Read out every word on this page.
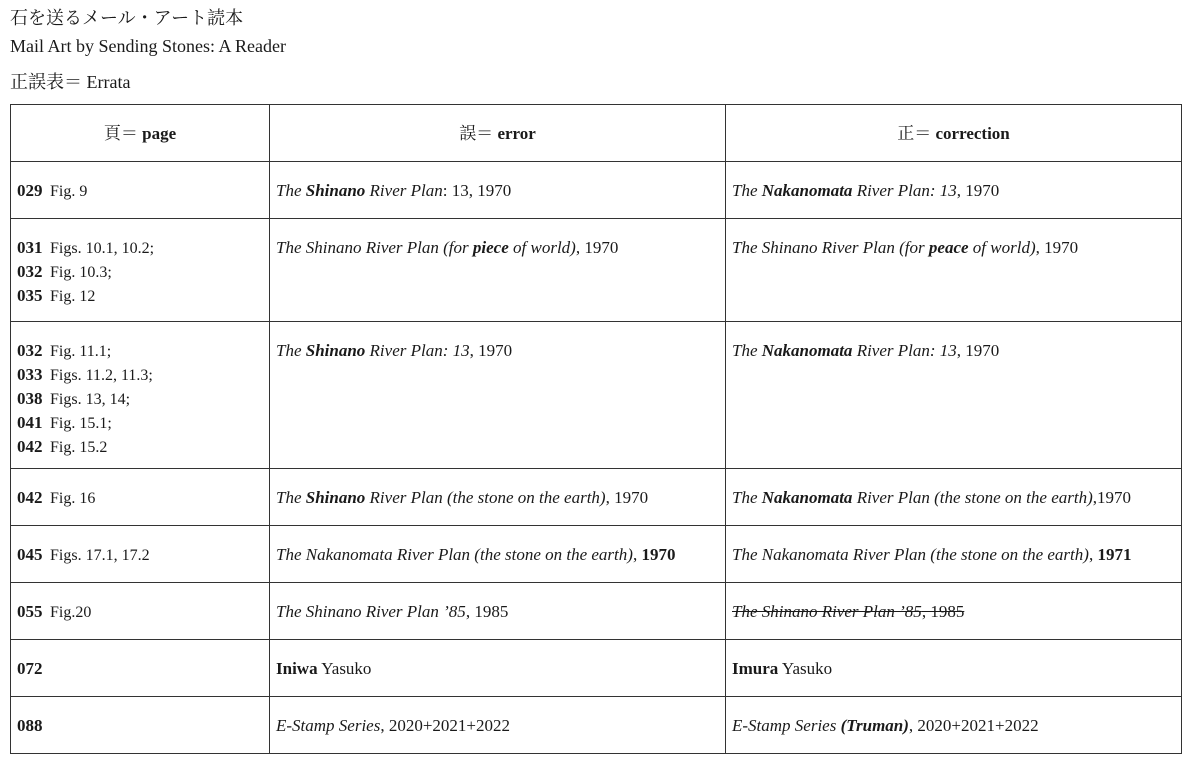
石を送るメール・アート読本
Mail Art by Sending Stones: A Reader
正誤表＝ Errata
頁＝ page	誤＝ error	正＝ correction

029 Fig. 9	The Shinano River Plan: 13, 1970	The Nakanomata River Plan: 13, 1970

031 Figs. 10.1, 10.2;
032 Fig. 10.3;
035 Fig. 12	The Shinano River Plan (for piece of world), 1970	The Shinano River Plan (for peace of world), 1970

032 Fig. 11.1;
033 Figs. 11.2, 11.3;
038 Figs. 13, 14;
041 Fig. 15.1;
042 Fig. 15.2	The Shinano River Plan: 13, 1970	The Nakanomata River Plan: 13, 1970

042 Fig. 16	The Shinano River Plan (the stone on the earth), 1970	The Nakanomata River Plan (the stone on the earth),1970

045 Figs. 17.1, 17.2	The Nakanomata River Plan (the stone on the earth), 1970	The Nakanomata River Plan (the stone on the earth), 1971

055 Fig.20	The Shinano River Plan ’85, 1985	The Shinano River Plan ’85, 1985

072	Iniwa Yasuko	Imura Yasuko

088	E-Stamp Series, 2020+2021+2022	E-Stamp Series (Truman), 2020+2021+2022
